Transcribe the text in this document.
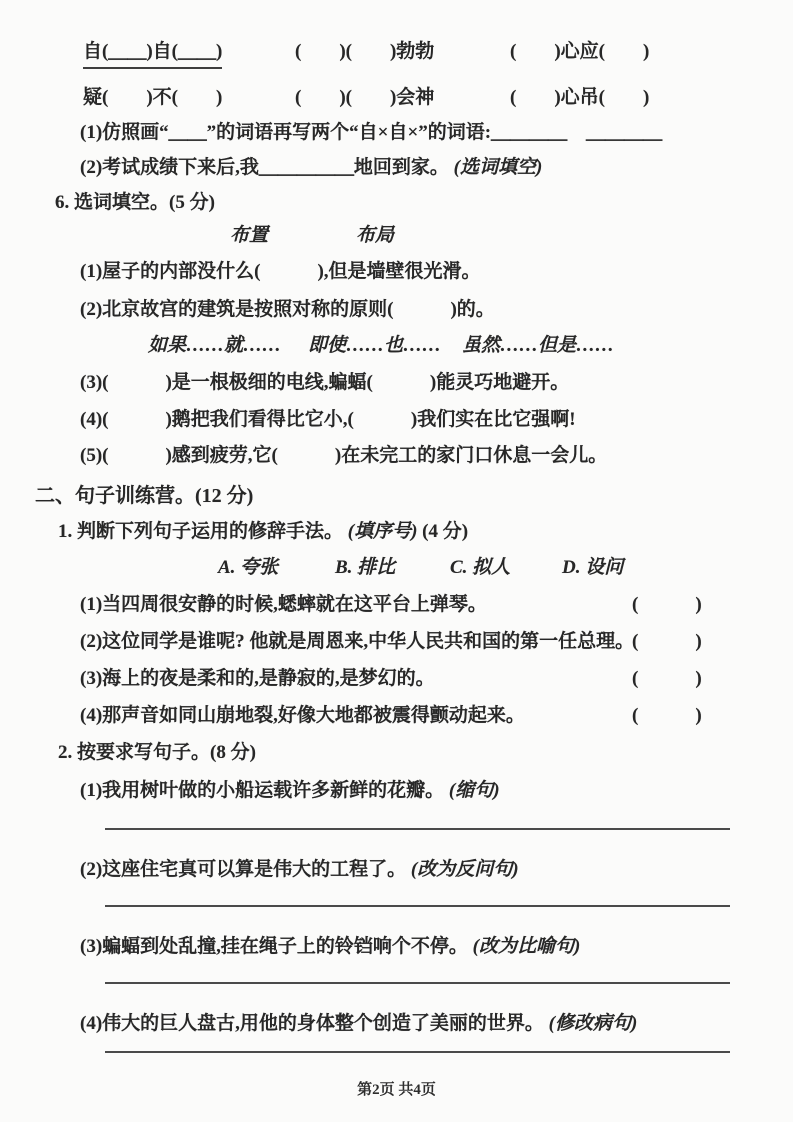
自(＿＿)自(＿＿)	(　　)(　　)勃勃	(　　)心应(　　)
疑(　　)不(　　)	(　　)(　　)会神	(　　)心吊(　　)
(1)仿照画“＿＿”的词语再写两个“自×自×”的词语:＿＿＿＿　＿＿＿＿
(2)考试成绩下来后,我＿＿＿＿＿地回到家。 (选词填空)
6. 选词填空。(5 分)
布置	布局
(1)屋子的内部没什么(　　　),但是墙壁很光滑。
(2)北京故宫的建筑是按照对称的原则(　　　)的。
如果……就…… 即使……也…… 虽然……但是……
(3)(　　　)是一根极细的电线,蝙蝠(　　　)能灵巧地避开。
(4)(　　　)鹅把我们看得比它小,(　　　)我们实在比它强啊!
(5)(　　　)感到疲劳,它(　　　)在未完工的家门口休息一会儿。
二、句子训练营。(12 分)
1. 判断下列句子运用的修辞手法。 (填序号) (4 分)
A. 夸张	B. 排比	C. 拟人	D. 设问
(1)当四周很安静的时候,蟋蟀就在这平台上弹琴。	(　　　)
(2)这位同学是谁呢? 他就是周恩来,中华人民共和国的第一任总理。
(　　　)
(3)海上的夜是柔和的,是静寂的,是梦幻的。	(　　　)
(4)那声音如同山崩地裂,好像大地都被震得颤动起来。	(　　　)
2. 按要求写句子。(8 分)
(1)我用树叶做的小船运载许多新鲜的花瓣。 (缩句)
(2)这座住宅真可以算是伟大的工程了。 (改为反问句)
(3)蝙蝠到处乱撞,挂在绳子上的铃铛响个不停。 (改为比喻句)
(4)伟大的巨人盘古,用他的身体整个创造了美丽的世界。 (修改病句)
第2页 共4页
